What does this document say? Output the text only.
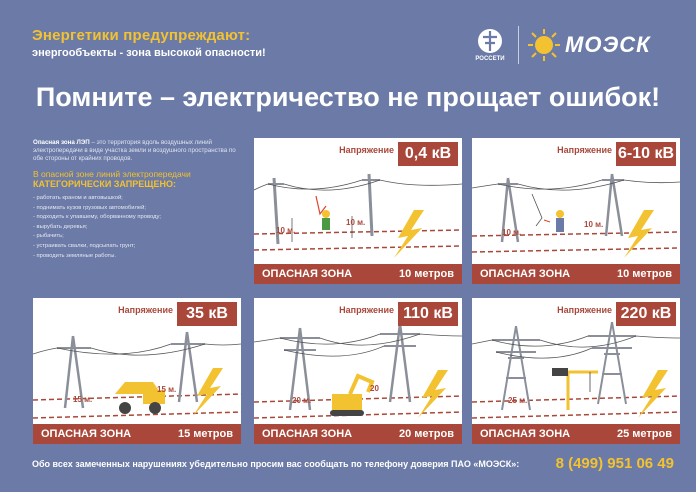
Энергетики предупреждают:
энергообъекты - зона высокой опасности!	РОССЕТИ
МОЭСК
Помните – электричество не прощает ошибок!

Опасная зона ЛЭП – это территория вдоль воздушных линий электропередачи в виде участка земли и воздушного пространства по обе стороны от крайних проводов.

В опасной зоне линий электропередачи
КАТЕГОРИЧЕСКИ ЗАПРЕЩЕНО:
- работать краном и автовышкой;
- поднимать кузов грузовых автомобилей;
- подходить к упавшему, оборванному проводу;
- вырубать деревья;
- рыбачить;
- устраивать свалки, подсыпать грунт;
- проводить земляные работы.
Напряжение 0,4 кВ
10 м.
10 м.
ОПАСНАЯ ЗОНА	10 метров
Напряжение 6-10 кВ
10 м.
10 м.
ОПАСНАЯ ЗОНА	10 метров
Напряжение 35 кВ
15 м.
15 м.
ОПАСНАЯ ЗОНА	15 метров
Напряжение 110 кВ
20 м.
20
ОПАСНАЯ ЗОНА	20 метров
Напряжение 220 кВ
25 м.
ОПАСНАЯ ЗОНА	25 метров
Обо всех замеченных нарушениях убедительно просим вас сообщать по телефону доверия ПАО «МОЭСК»: 8 (499) 951 06 49
